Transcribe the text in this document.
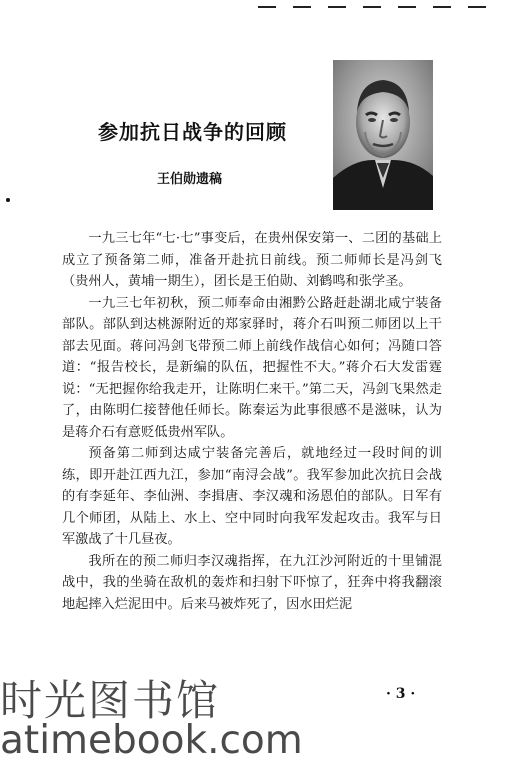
参加抗日战争的回顾
王伯勋遗稿

一九三七年“七·七”事变后，在贵州保安第一、二团的基础上成立了预备第二师，准备开赴抗日前线。预二师师长是冯剑飞（贵州人，黄埔一期生），团长是王伯勋、刘鹤鸣和张学圣。

一九三七年初秋，预二师奉命由湘黔公路赶赴湖北咸宁装备部队。部队到达桃源附近的郑家驿时，蒋介石叫预二师团以上干部去见面。蒋问冯剑飞带预二师上前线作战信心如何；冯随口答道：“报告校长，是新编的队伍，把握性不大。”蒋介石大发雷霆说：“无把握你给我走开，让陈明仁来干。”第二天，冯剑飞果然走了，由陈明仁接替他任师长。陈秦运为此事很感不是滋味，认为是蒋介石有意贬低贵州军队。

预备第二师到达咸宁装备完善后，就地经过一段时间的训练，即开赴江西九江，参加“南浔会战”。我军参加此次抗日会战的有李延年、李仙洲、李揖唐、李汉魂和汤恩伯的部队。日军有几个师团，从陆上、水上、空中同时向我军发起攻击。我军与日军激战了十几昼夜。

我所在的预二师归李汉魂指挥，在九江沙河附近的十里铺混战中，我的坐骑在敌机的轰炸和扫射下吓惊了，狂奔中将我翻滚地起摔入烂泥田中。后来马被炸死了，因水田烂泥

· 3 ·
时光图书馆
atimebook.com
